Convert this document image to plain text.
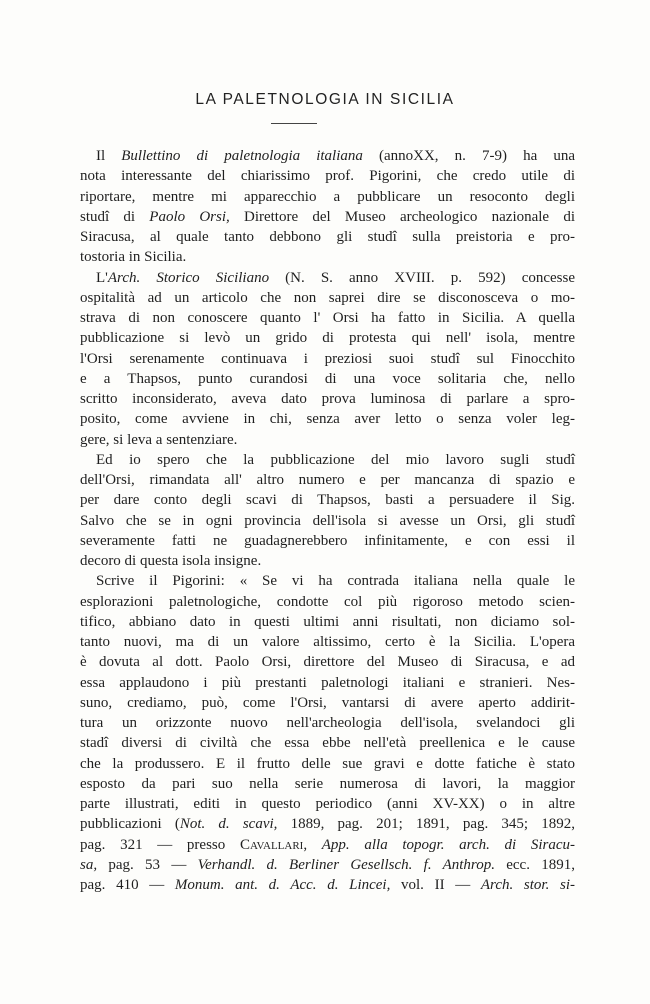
LA PALETNOLOGIA IN SICILIA
Il Bullettino di paletnologia italiana (annoXX, n. 7-9) ha una
nota interessante del chiarissimo prof. Pigorini, che credo utile di
riportare, mentre mi apparecchio a pubblicare un resoconto degli
studî di Paolo Orsi, Direttore del Museo archeologico nazionale di
Siracusa, al quale tanto debbono gli studî sulla preistoria e pro-
tostoria in Sicilia.
L'Arch. Storico Siciliano (N. S. anno XVIII. p. 592) concesse
ospitalità ad un articolo che non saprei dire se disconosceva o mo-
strava di non conoscere quanto l' Orsi ha fatto in Sicilia. A quella
pubblicazione si levò un grido di protesta qui nell' isola, mentre
l'Orsi serenamente continuava i preziosi suoi studî sul Finocchito
e a Thapsos, punto curandosi di una voce solitaria che, nello
scritto inconsiderato, aveva dato prova luminosa di parlare a spro-
posito, come avviene in chi, senza aver letto o senza voler leg-
gere, si leva a sentenziare.
Ed io spero che la pubblicazione del mio lavoro sugli studî
dell'Orsi, rimandata all' altro numero e per mancanza di spazio e
per dare conto degli scavi di Thapsos, basti a persuadere il Sig.
Salvo che se in ogni provincia dell'isola si avesse un Orsi, gli studî
severamente fatti ne guadagnerebbero infinitamente, e con essi il
decoro di questa isola insigne.
Scrive il Pigorini: « Se vi ha contrada italiana nella quale le
esplorazioni paletnologiche, condotte col più rigoroso metodo scien-
tifico, abbiano dato in questi ultimi anni risultati, non diciamo sol-
tanto nuovi, ma di un valore altissimo, certo è la Sicilia. L'opera
è dovuta al dott. Paolo Orsi, direttore del Museo di Siracusa, e ad
essa applaudono i più prestanti paletnologi italiani e stranieri. Nes-
suno, crediamo, può, come l'Orsi, vantarsi di avere aperto addirit-
tura un orizzonte nuovo nell'archeologia dell'isola, svelandoci gli
stadî diversi di civiltà che essa ebbe nell'età preellenica e le cause
che la produssero. E il frutto delle sue gravi e dotte fatiche è stato
esposto da pari suo nella serie numerosa di lavori, la maggior
parte illustrati, editi in questo periodico (anni XV-XX) o in altre
pubblicazioni (Not. d. scavi, 1889, pag. 201; 1891, pag. 345; 1892,
pag. 321 — presso Cavallari, App. alla topogr. arch. di Siracu-
sa, pag. 53 — Verhandl. d. Berliner Gesellsch. f. Anthrop. ecc. 1891,
pag. 410 — Monum. ant. d. Acc. d. Lincei, vol. II — Arch. stor. si-
